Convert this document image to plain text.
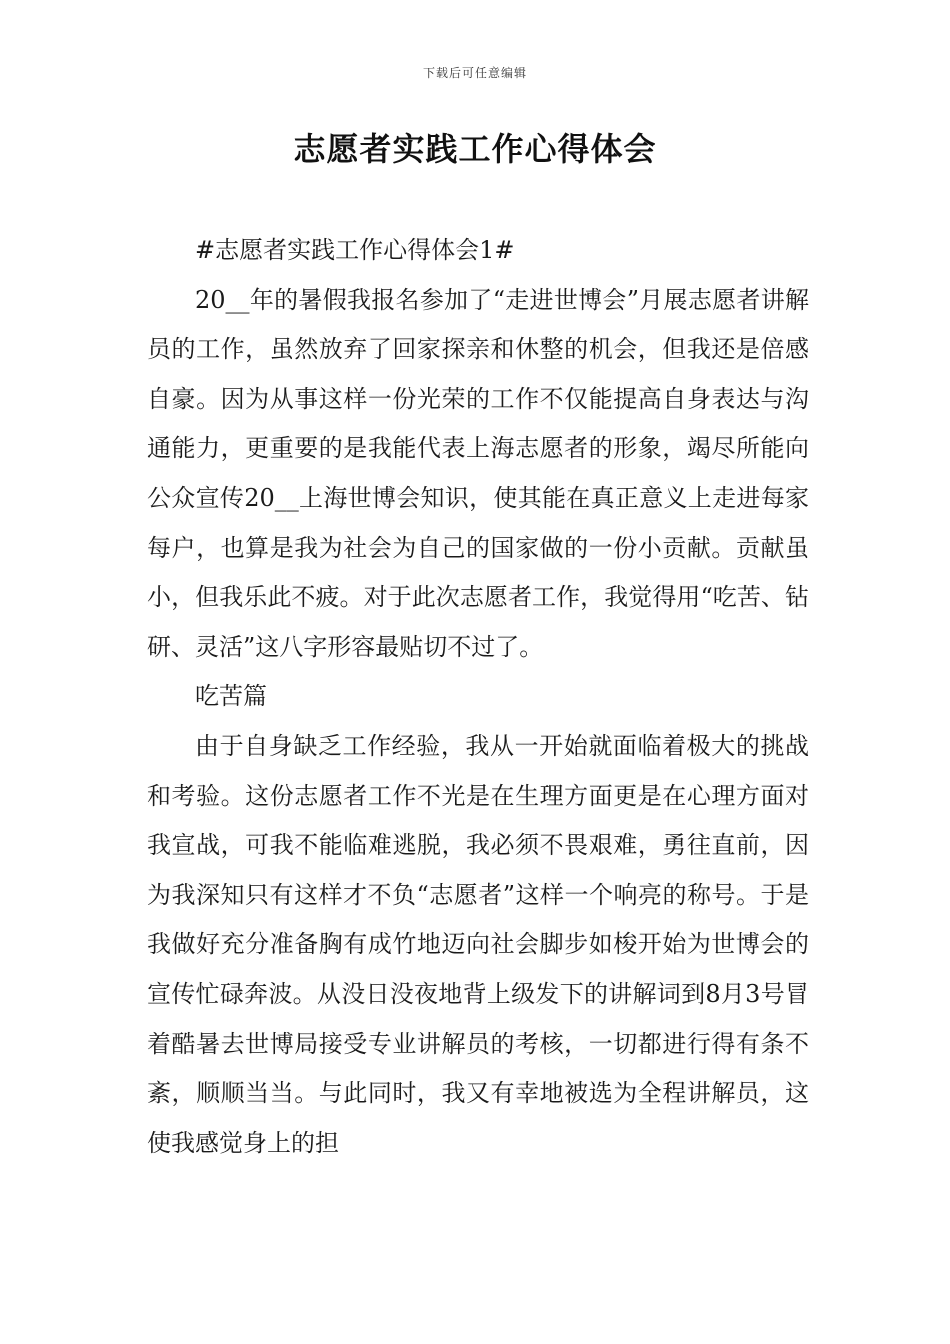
下载后可任意编辑
志愿者实践工作心得体会

#志愿者实践工作心得体会1#

20__年的暑假我报名参加了“走进世博会”月展志愿者讲解员的工作，虽然放弃了回家探亲和休整的机会，但我还是倍感自豪。因为从事这样一份光荣的工作不仅能提高自身表达与沟通能力，更重要的是我能代表上海志愿者的形象，竭尽所能向公众宣传20__上海世博会知识，使其能在真正意义上走进每家每户，也算是我为社会为自己的国家做的一份小贡献。贡献虽小，但我乐此不疲。对于此次志愿者工作，我觉得用“吃苦、钻研、灵活”这八字形容最贴切不过了。

吃苦篇

由于自身缺乏工作经验，我从一开始就面临着极大的挑战和考验。这份志愿者工作不光是在生理方面更是在心理方面对我宣战，可我不能临难逃脱，我必须不畏艰难，勇往直前，因为我深知只有这样才不负“志愿者”这样一个响亮的称号。于是我做好充分准备胸有成竹地迈向社会脚步如梭开始为世博会的宣传忙碌奔波。从没日没夜地背上级发下的讲解词到8月3号冒着酷暑去世博局接受专业讲解员的考核，一切都进行得有条不紊，顺顺当当。与此同时，我又有幸地被选为全程讲解员，这使我感觉身上的担
